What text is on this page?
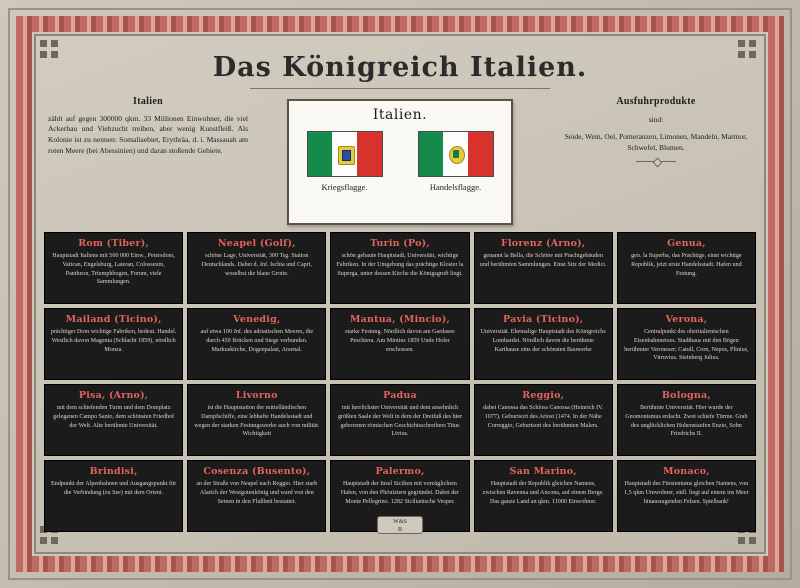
Das Königreich Italien.
Italien
zählt auf gegen 300000 qkm. 33 Millionen Einwohner, die viel Ackerbau und Viehzucht treiben, aber wenig Kunstfleiß. Als Kolonie ist zu nennen: Somaliaebiet, Erythräa, d. i. Massauah am roten Meere (bei Abessinien) und daran stoßende Gebiete.
Italien.
Kriegsflagge.	Handelsflagge.
Ausfuhrprodukte

sind:

Seide, Wein, Oel, Pomeranzen, Limonen, Mandeln, Marmor, Schwefel, Blumen.

Rom (Tiber),
Hauptstadt Italiens mit 500 000 Einw., Petersdom, Vatican, Engelsburg, Lateran, Colosseum, Pantheon, Triumphbogen, Forum, viele Sammlungen.
Neapel (Golf),
schöne Lage, Universität, 300 Tsg. Station Deutschlands. Dabei d. Jnf. Ischia und Capri, woselbst die blaue Grotte.
Turin (Po),
schön gebaute Hauptstadt, Universität, wichtige Fabriken. In der Umgebung das prächtige Kloster la Superga, unter dessen Kirche die Königsgruft liegt.
Florenz (Arno),
genannt la Bella, die Schöne mit Prachtgebäuden und berühmten Sammlungen. Einst Sitz der Medici.
Genua,
gen. la Superba, das Prächtige, einst wichtige Republik, jetzt erste Handelsstadt. Hafen und Festung.
Mailand (Ticino),
prächtiger Dom wichtige Fabriken, bedeut. Handel. Westlich davon Magenta (Schlacht 1859), nördlich Monza.
Venedig,
auf etwa 100 Jnf. des adriatischen Meeres, die durch 450 Brücken und Stege verbunden. Markuskirche, Dogenpalast, Arsenal.
Mantua, (Mincio),
starke Festung. Nördlich davon am Gardasee Peschiera. Am Mintius 1859 Unde Hofer erschossen.
Pavia (Ticino),
Universität. Ehemalige Hauptstadt des Königreichs Lombardei. Nördlich davon die berühmte Karthause eins der schönsten Bauwerke
Verona,
Centralpunkt des oberitalienischen Eisenbahnnetzes. Stadthaus mit den Bögen berühmter Veroneser; Catull, Corn, Nepos, Plinius, Vitruvius. Steinberg Julius.
Pisa, (Arno),
mit dem schiefenden Turm und dem Domplatz gelegenen Campo Santo, dem schönsten Friedhof der Welt. Alte berühmte Universität.
Livorno
ist die Hauptstation der mittelländischen Dampfschiffe, eine lebhafte Handelsstadt und wegen der starken Festungswerke auch von militär. Wichtigkeit
Padua
mit herrlichster Universität und dem ansehnlich größten Saale der Welt in dem der Dreifuß des hier geborenen römischen Geschichtsschreibers Titus Livius.
Reggio,
dabei Canossa das Schloss Canossa (Heinrich IV. 1077). Geburtsort des Ariost (1474. In der Nähe Correggio, Geburtsort des berühmten Malers.
Bologna,
Berühmte Universität. Hier wurde der Gnomonismus erdacht. Zwei schiefe Türme. Grab des unglücklichen Hohenstaufen Enzio, Sohn Friedrichs II.
Brindisi,
Endpunkt der Alpenbahnen und Ausgangspunkt für die Verbindung (zu See) mit dem Orient.
Cosenza (Busento),
an der Straße von Neapel nach Reggio. Hier starb Alarich der Westgotenkönig und ward von den Seinen in den Flußbett bestattet.
Palermo,
Hauptstadt der Insel Sicilien mit vorzüglichem Hafen, von den Phöniziern gegründet. Dabei der Monte Pellegrino. 1282 Sicilianische Vesper.
San Marino,
Hauptstadt der Republik gleichen Namens, zwischen Ravenna und Ancona, auf einem Berge. Das ganze Land an qkm. 11000 Einwohner.
Monaco,
Hauptstadt des Fürstentums gleichen Namens, von 1,5 qkm Umwohner, südl. liegt auf einem ins Meer hinausragenden Felsen. Spielbank!
W&S
B
